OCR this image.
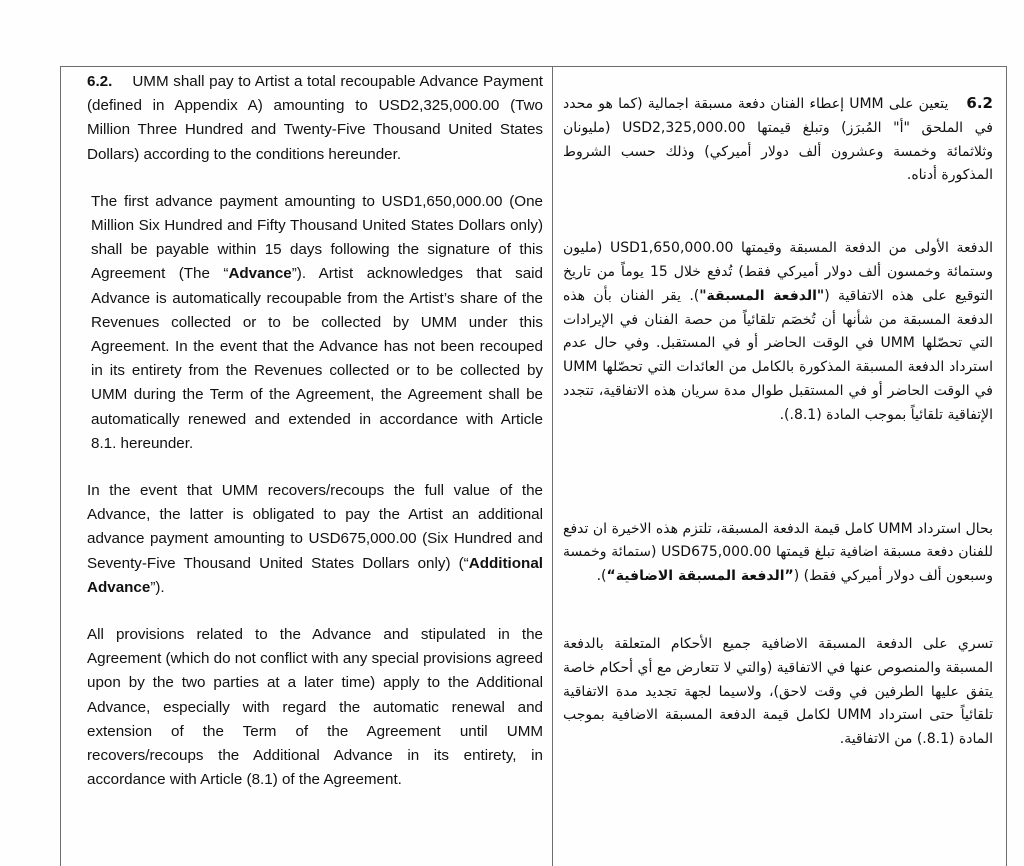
6.2. UMM shall pay to Artist a total recoupable Advance Payment (defined in Appendix A) amounting to USD2,325,000.00 (Two Million Three Hundred and Twenty-Five Thousand United States Dollars) according to the conditions hereunder.

The first advance payment amounting to USD1,650,000.00 (One Million Six Hundred and Fifty Thousand United States Dollars only) shall be payable within 15 days following the signature of this Agreement (The “Advance”). Artist acknowledges that said Advance is automatically recoupable from the Artist’s share of the Revenues collected or to be collected by UMM under this Agreement. In the event that the Advance has not been recouped in its entirety from the Revenues collected or to be collected by UMM during the Term of the Agreement, the Agreement shall be automatically renewed and extended in accordance with Article 8.1. hereunder.

In the event that UMM recovers/recoups the full value of the Advance, the latter is obligated to pay the Artist an additional advance payment amounting to USD675,000.00 (Six Hundred and Seventy-Five Thousand United States Dollars only) (“Additional Advance”).

All provisions related to the Advance and stipulated in the Agreement (which do not conflict with any special provisions agreed upon by the two parties at a later time) apply to the Additional Advance, especially with regard the automatic renewal and extension of the Term of the Agreement until UMM recovers/recoups the Additional Advance in its entirety, in accordance with Article (8.1) of the Agreement.

6.2يتعين على UMM إعطاء الفنان دفعة مسبقة اجمالية (كما هو محدد في الملحق "أ" المُبرَز) وتبلغ قيمتها USD2,325,000.00 (مليونان وثلاثمائة وخمسة وعشرون ألف دولار أميركي) وذلك حسب الشروط المذكورة أدناه.

الدفعة الأولى من الدفعة المسبقة وقيمتها USD1,650,000.00 (مليون وستمائة وخمسون ألف دولار أميركي فقط) تُدفع خلال 15 يوماً من تاريخ التوقيع على هذه الاتفاقية ("الدفعة المسبقة"). يقر الفنان بأن هذه الدفعة المسبقة من شأنها أن تُخصَم تلقائياً من حصة الفنان في الإيرادات التي تحصّلها UMM في الوقت الحاضر أو في المستقبل. وفي حال عدم استرداد الدفعة المسبقة المذكورة بالكامل من العائدات التي تحصّلها UMM في الوقت الحاضر أو في المستقبل طوال مدة سريان هذه الاتفاقية، تتجدد الإتفاقية تلقائياً بموجب المادة (8.1.).

بحال استرداد UMM كامل قيمة الدفعة المسبقة، تلتزم هذه الاخيرة ان تدفع للفنان دفعة مسبقة اضافية تبلغ قيمتها USD675,000.00 (ستمائة وخمسة وسبعون ألف دولار أميركي فقط) (”الدفعة المسبقة الاضافية“).

تسري على الدفعة المسبقة الاضافية جميع الأحكام المتعلقة بالدفعة المسبقة والمنصوص عنها في الاتفاقية (والتي لا تتعارض مع أي أحكام خاصة يتفق عليها الطرفين في وقت لاحق)، ولاسيما لجهة تجديد مدة الاتفاقية تلقائياً حتى استرداد UMM لكامل قيمة الدفعة المسبقة الاضافية بموجب المادة (8.1.) من الاتفاقية.
